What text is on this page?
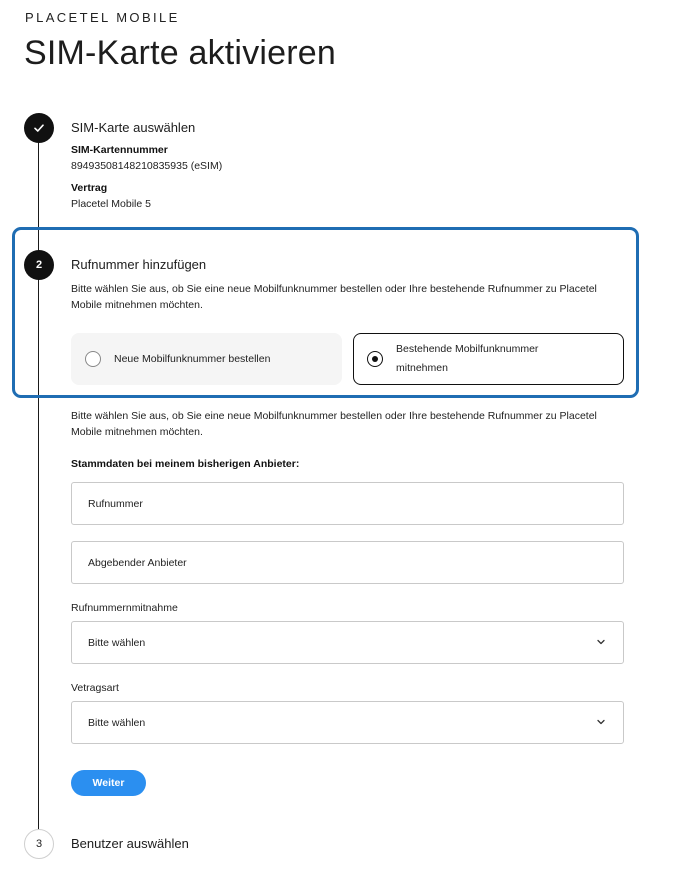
PLACETEL MOBILE
SIM-Karte aktivieren
SIM-Karte auswählen
SIM-Kartennummer
8949350814821083593​5 (eSIM)
Vertrag
Placetel Mobile 5
2	Rufnummer hinzufügen
Bitte wählen Sie aus, ob Sie eine neue Mobilfunknummer bestellen oder Ihre bestehende Rufnummer zu Placetel Mobile mitnehmen möchten.
Neue Mobilfunknummer bestellen
Bestehende Mobilfunknummer mitnehmen
Bitte wählen Sie aus, ob Sie eine neue Mobilfunknummer bestellen oder Ihre bestehende Rufnummer zu Placetel Mobile mitnehmen möchten.
Stammdaten bei meinem bisherigen Anbieter:
Rufnummer
Abgebender Anbieter
Rufnummernmitnahme
Bitte wählen
Vetragsart
Bitte wählen
Weiter
3	Benutzer auswählen
